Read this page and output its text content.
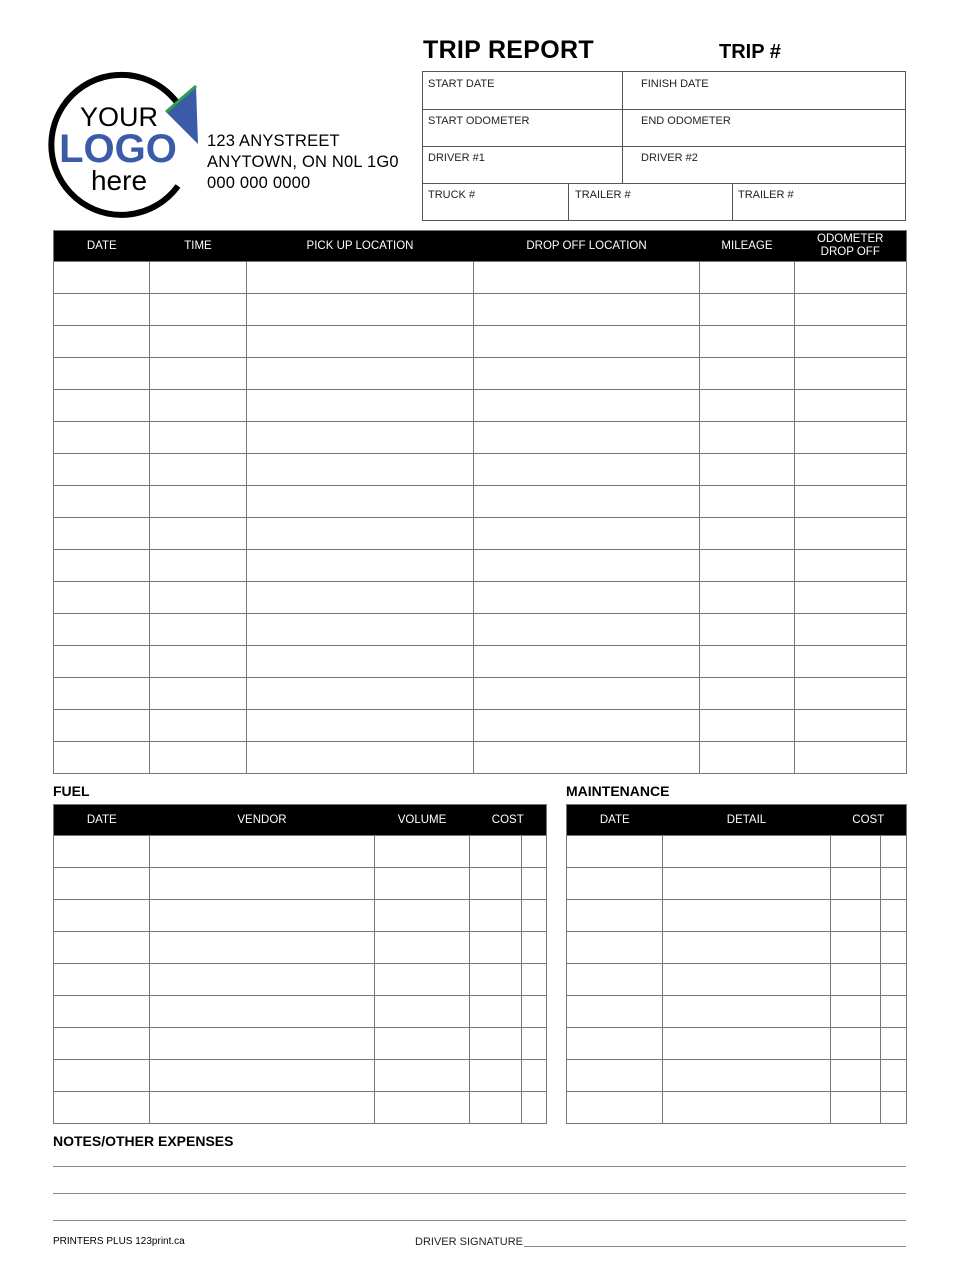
YOUR
LOGO
here
123 ANYSTREET
ANYTOWN, ON N0L 1G0
000 000 0000
TRIP REPORT	TRIP #
START DATE	FINISH DATE
START ODOMETER	END ODOMETER
DRIVER #1	DRIVER #2
TRUCK #	TRAILER #	TRAILER #
DATE	TIME	PICK UP LOCATION	DROP OFF LOCATION	MILEAGE	ODOMETER
DROP OFF

FUEL
DATE	VENDOR	VOLUME	COST	

MAINTENANCE
DATE	DETAIL	COST	

NOTES/OTHER EXPENSES
PRINTERS PLUS 123print.ca	DRIVER SIGNATURE
